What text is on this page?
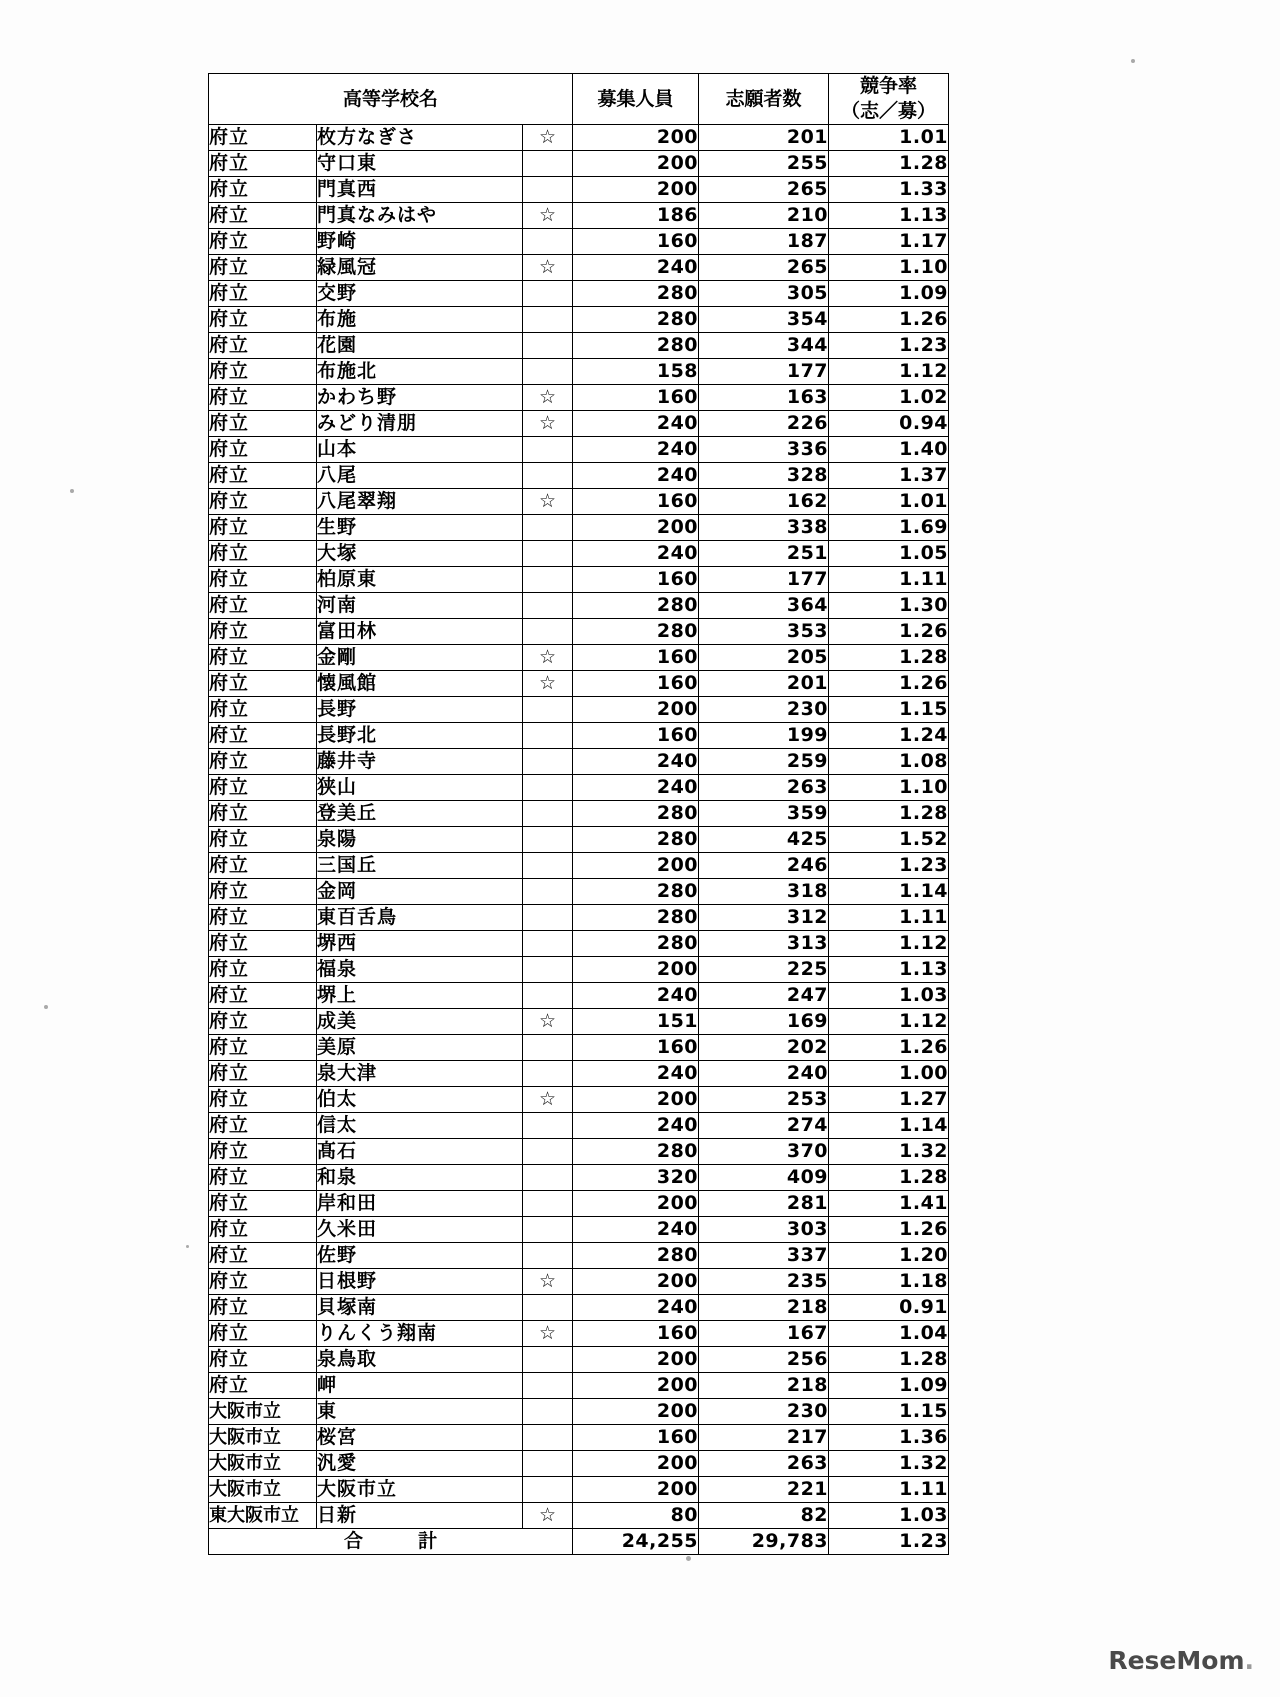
高等学校名			募集人員	志願者数	競争率
（志／募）

府立	枚方なぎさ	☆	200	201	1.01
府立	守口東		200	255	1.28
府立	門真西		200	265	1.33
府立	門真なみはや	☆	186	210	1.13
府立	野崎		160	187	1.17
府立	緑風冠	☆	240	265	1.10
府立	交野		280	305	1.09
府立	布施		280	354	1.26
府立	花園		280	344	1.23
府立	布施北		158	177	1.12
府立	かわち野	☆	160	163	1.02
府立	みどり清朋	☆	240	226	0.94
府立	山本		240	336	1.40
府立	八尾		240	328	1.37
府立	八尾翠翔	☆	160	162	1.01
府立	生野		200	338	1.69
府立	大塚		240	251	1.05
府立	柏原東		160	177	1.11
府立	河南		280	364	1.30
府立	富田林		280	353	1.26
府立	金剛	☆	160	205	1.28
府立	懐風館	☆	160	201	1.26
府立	長野		200	230	1.15
府立	長野北		160	199	1.24
府立	藤井寺		240	259	1.08
府立	狭山		240	263	1.10
府立	登美丘		280	359	1.28
府立	泉陽		280	425	1.52
府立	三国丘		200	246	1.23
府立	金岡		280	318	1.14
府立	東百舌鳥		280	312	1.11
府立	堺西		280	313	1.12
府立	福泉		200	225	1.13
府立	堺上		240	247	1.03
府立	成美	☆	151	169	1.12
府立	美原		160	202	1.26
府立	泉大津		240	240	1.00
府立	伯太	☆	200	253	1.27
府立	信太		240	274	1.14
府立	髙石		280	370	1.32
府立	和泉		320	409	1.28
府立	岸和田		200	281	1.41
府立	久米田		240	303	1.26
府立	佐野		280	337	1.20
府立	日根野	☆	200	235	1.18
府立	貝塚南		240	218	0.91
府立	りんくう翔南	☆	160	167	1.04
府立	泉鳥取		200	256	1.28
府立	岬		200	218	1.09
大阪市立	東		200	230	1.15
大阪市立	桜宮		160	217	1.36
大阪市立	汎愛		200	263	1.32
大阪市立	大阪市立		200	221	1.11
東大阪市立	日新	☆	80	82	1.03
合　計			24,255	29,783	1.23
ReseMom.
